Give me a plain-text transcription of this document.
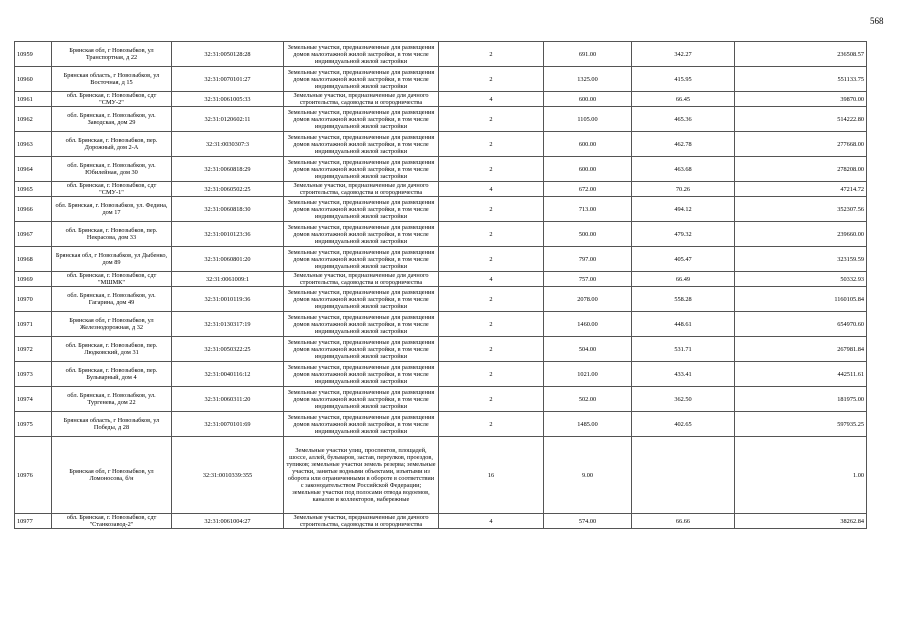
568
10959	Брянская обл, г Новозыбков, ул Транспортная, д 22	32:31:0050128:28	Земельные участки, предназначенные для размещения домов малоэтажной жилой застройки, в том числе индивидуальной жилой застройки	2	691.00	342.27	236508.57
10960	Брянская область, г Новозыбков, ул Восточная, д 15	32:31:0070101:27	Земельные участки, предназначенные для размещения домов малоэтажной жилой застройки, в том числе индивидуальной жилой застройки	2	1325.00	415.95	551133.75
10961	обл. Брянская, г. Новозыбков, сдт "СМУ-2"	32:31:0061005:33	Земельные участки, предназначенные для дачного строительства, садоводства и огородничества	4	600.00	66.45	39870.00
10962	обл. Брянская, г. Новозыбков, ул. Заводская, дом 29	32:31:0120602:11	Земельные участки, предназначенные для размещения домов малоэтажной жилой застройки, в том числе индивидуальной жилой застройки	2	1105.00	465.36	514222.80
10963	обл. Брянская, г. Новозыбков, пер. Дорожный, дом 2-А	32:31:0030307:3	Земельные участки, предназначенные для размещения домов малоэтажной жилой застройки, в том числе индивидуальной жилой застройки	2	600.00	462.78	277668.00
10964	обл. Брянская, г. Новозыбков, ул. Юбилейная, дом 30	32:31:0060818:29	Земельные участки, предназначенные для размещения домов малоэтажной жилой застройки, в том числе индивидуальной жилой застройки	2	600.00	463.68	278208.00
10965	обл. Брянская, г. Новозыбков, сдт "СМУ-1"	32:31:0060502:25	Земельные участки, предназначенные для дачного строительства, садоводства и огородничества	4	672.00	70.26	47214.72
10966	обл. Брянская, г. Новозыбков, ул. Федина, дом 17	32:31:0060818:30	Земельные участки, предназначенные для размещения домов малоэтажной жилой застройки, в том числе индивидуальной жилой застройки	2	713.00	494.12	352307.56
10967	обл. Брянская, г. Новозыбков, пер. Некрасова, дом 33	32:31:0010123:36	Земельные участки, предназначенные для размещения домов малоэтажной жилой застройки, в том числе индивидуальной жилой застройки	2	500.00	479.32	239660.00
10968	Брянская обл, г Новозыбков, ул Дыбенко, дом 89	32:31:0060801:20	Земельные участки, предназначенные для размещения домов малоэтажной жилой застройки, в том числе индивидуальной жилой застройки	2	797.00	405.47	323159.59
10969	обл. Брянская, г. Новозыбков, сдт "МШМК"	32:31:0061009:1	Земельные участки, предназначенные для дачного строительства, садоводства и огородничества	4	757.00	66.49	50332.93
10970	обл. Брянская, г. Новозыбков, ул. Гагарина, дом 49	32:31:0010119:36	Земельные участки, предназначенные для размещения домов малоэтажной жилой застройки, в том числе индивидуальной жилой застройки	2	2078.00	558.28	1160105.84
10971	Брянская обл, г Новозыбков, ул Железнодорожная, д 32	32:31:0130317:19	Земельные участки, предназначенные для размещения домов малоэтажной жилой застройки, в том числе индивидуальной жилой застройки	2	1460.00	448.61	654970.60
10972	обл. Брянская, г. Новозыбков, пер. Людковский, дом 31	32:31:0050322:25	Земельные участки, предназначенные для размещения домов малоэтажной жилой застройки, в том числе индивидуальной жилой застройки	2	504.00	531.71	267981.84
10973	обл. Брянская, г. Новозыбков, пер. Бульварный, дом 4	32:31:0040116:12	Земельные участки, предназначенные для размещения домов малоэтажной жилой застройки, в том числе индивидуальной жилой застройки	2	1021.00	433.41	442511.61
10974	обл. Брянская, г. Новозыбков, ул. Тургенева, дом 22	32:31:0060311:20	Земельные участки, предназначенные для размещения домов малоэтажной жилой застройки, в том числе индивидуальной жилой застройки	2	502.00	362.50	181975.00
10975	Брянская область, г Новозыбков, ул Победы, д 28	32:31:0070101:69	Земельные участки, предназначенные для размещения домов малоэтажной жилой застройки, в том числе индивидуальной жилой застройки	2	1485.00	402.65	597935.25
10976	Брянская обл, г Новозыбков, ул Ломоносова, б/н	32:31:0010339:355	Земельные участки улиц, проспектов, площадей, шоссе, аллей, бульваров, застав, переулков, проездов, тупиков; земельные участки земель резерва; земельные участки, занятые водными объектами, изъятыми из оборота или ограниченными в обороте в соответствии с законодательством Российской Федерации; земельные участки под полосами отвода водоемов, каналов и коллекторов, набережные	16	9.00		1.00
10977	обл. Брянская, г. Новозыбков, сдт "Станкозавод-2"	32:31:0061004:27	Земельные участки, предназначенные для дачного строительства, садоводства и огородничества	4	574.00	66.66	38262.84
